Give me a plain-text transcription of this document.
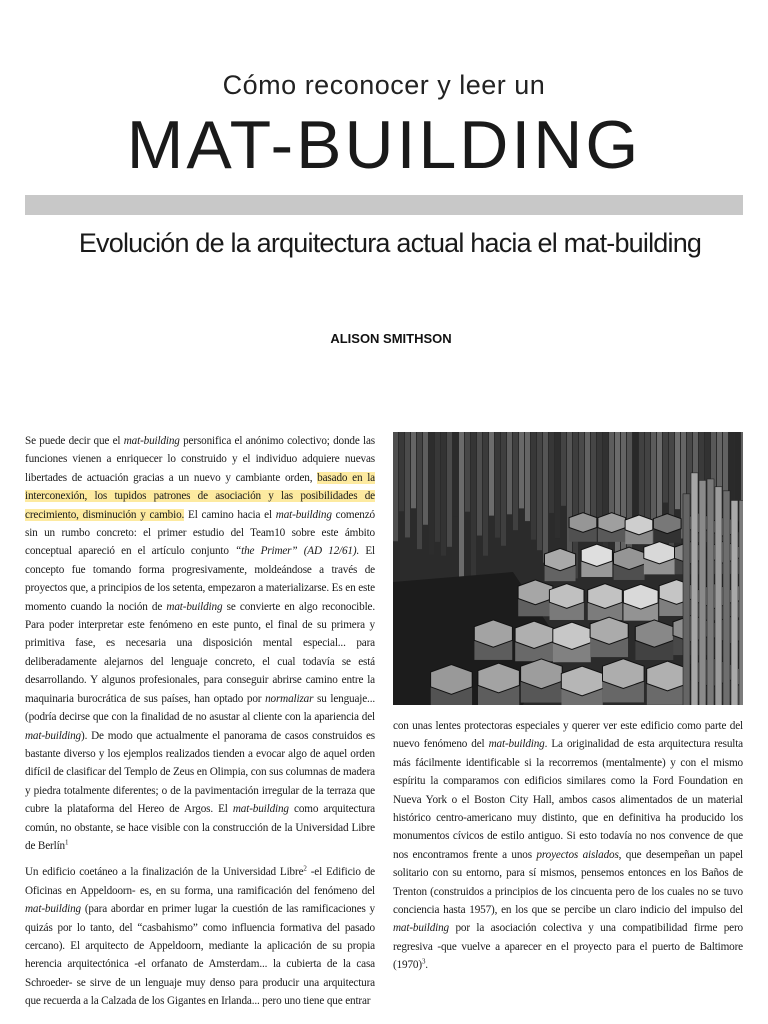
Cómo reconocer y leer un
MAT-BUILDING
Evolución de la arquitectura actual hacia el mat-building
ALISON SMITHSON

Se puede decir que el mat-building personifica el anónimo colectivo; donde las funciones vienen a enriquecer lo construido y el individuo adquiere nuevas libertades de actuación gracias a un nuevo y cambiante orden, basado en la interconexión, los tupidos patrones de asociación y las posibilidades de crecimiento, disminución y cambio. El camino hacia el mat-building comenzó sin un rumbo concreto: el primer estudio del Team10 sobre este ámbito conceptual apareció en el artículo conjunto “the Primer” (AD 12/61). El concepto fue tomando forma progresivamente, moldeándose a través de proyectos que, a principios de los setenta, empezaron a materializarse. Es en este momento cuando la noción de mat-building se convierte en algo reconocible. Para poder interpretar este fenómeno en este punto, el final de su primera y primitiva fase, es necesaria una disposición mental especial... para deliberadamente alejarnos del lenguaje concreto, el cual todavía se está desarrollando. Y algunos profesionales, para conseguir abrirse camino entre la maquinaria burocrática de sus países, han optado por normalizar su lenguaje... (podría decirse que con la finalidad de no asustar al cliente con la apariencia del mat-building). De modo que actualmente el panorama de casos construidos es bastante diverso y los ejemplos realizados tienden a evocar algo de aquel orden difícil de clasificar del Templo de Zeus en Olimpia, con sus columnas de madera y piedra totalmente diferentes; o de la pavimentación irregular de la terraza que cubre la plataforma del Hereo de Argos. El mat-building como arquitectura común, no obstante, se hace visible con la construcción de la Universidad Libre de Berlín$^1$

Un edificio coetáneo a la finalización de la Universidad Libre$^2$ -el Edificio de Oficinas en Appeldoorn- es, en su forma, una ramificación del fenómeno del mat-building (para abordar en primer lugar la cuestión de las ramificaciones y quizás por lo tanto, del “casbahismo” como influencia formativa del pasado cercano). El arquitecto de Appeldoorn, mediante la aplicación de su propia herencia arquitectónica -el orfanato de Amsterdam... la cubierta de la casa Schroeder- se sirve de un lenguaje muy denso para producir una arquitectura que recuerda a la Calzada de los Gigantes en Irlanda... pero uno tiene que entrar

con unas lentes protectoras especiales y querer ver este edificio como parte del nuevo fenómeno del mat-building. La originalidad de esta arquitectura resulta más fácilmente identificable si la recorremos (mentalmente) y con el mismo espíritu la comparamos con edificios similares como la Ford Foundation en Nueva York o el Boston City Hall, ambos casos alimentados de un material histórico centro-americano muy distinto, que en definitiva ha producido los monumentos cívicos de estilo antiguo. Si esto todavía no nos convence de que nos encontramos frente a unos proyectos aislados, que desempeñan un papel solitario con su entorno, para sí mismos, pensemos entonces en los Baños de Trenton (construidos a principios de los cincuenta pero de los cuales no se tuvo conciencia hasta 1957), en los que se percibe un claro indicio del impulso del mat-building por la asociación colectiva y una compatibilidad firme pero regresiva -que vuelve a aparecer en el proyecto para el puerto de Baltimore $(1970)^3$.
